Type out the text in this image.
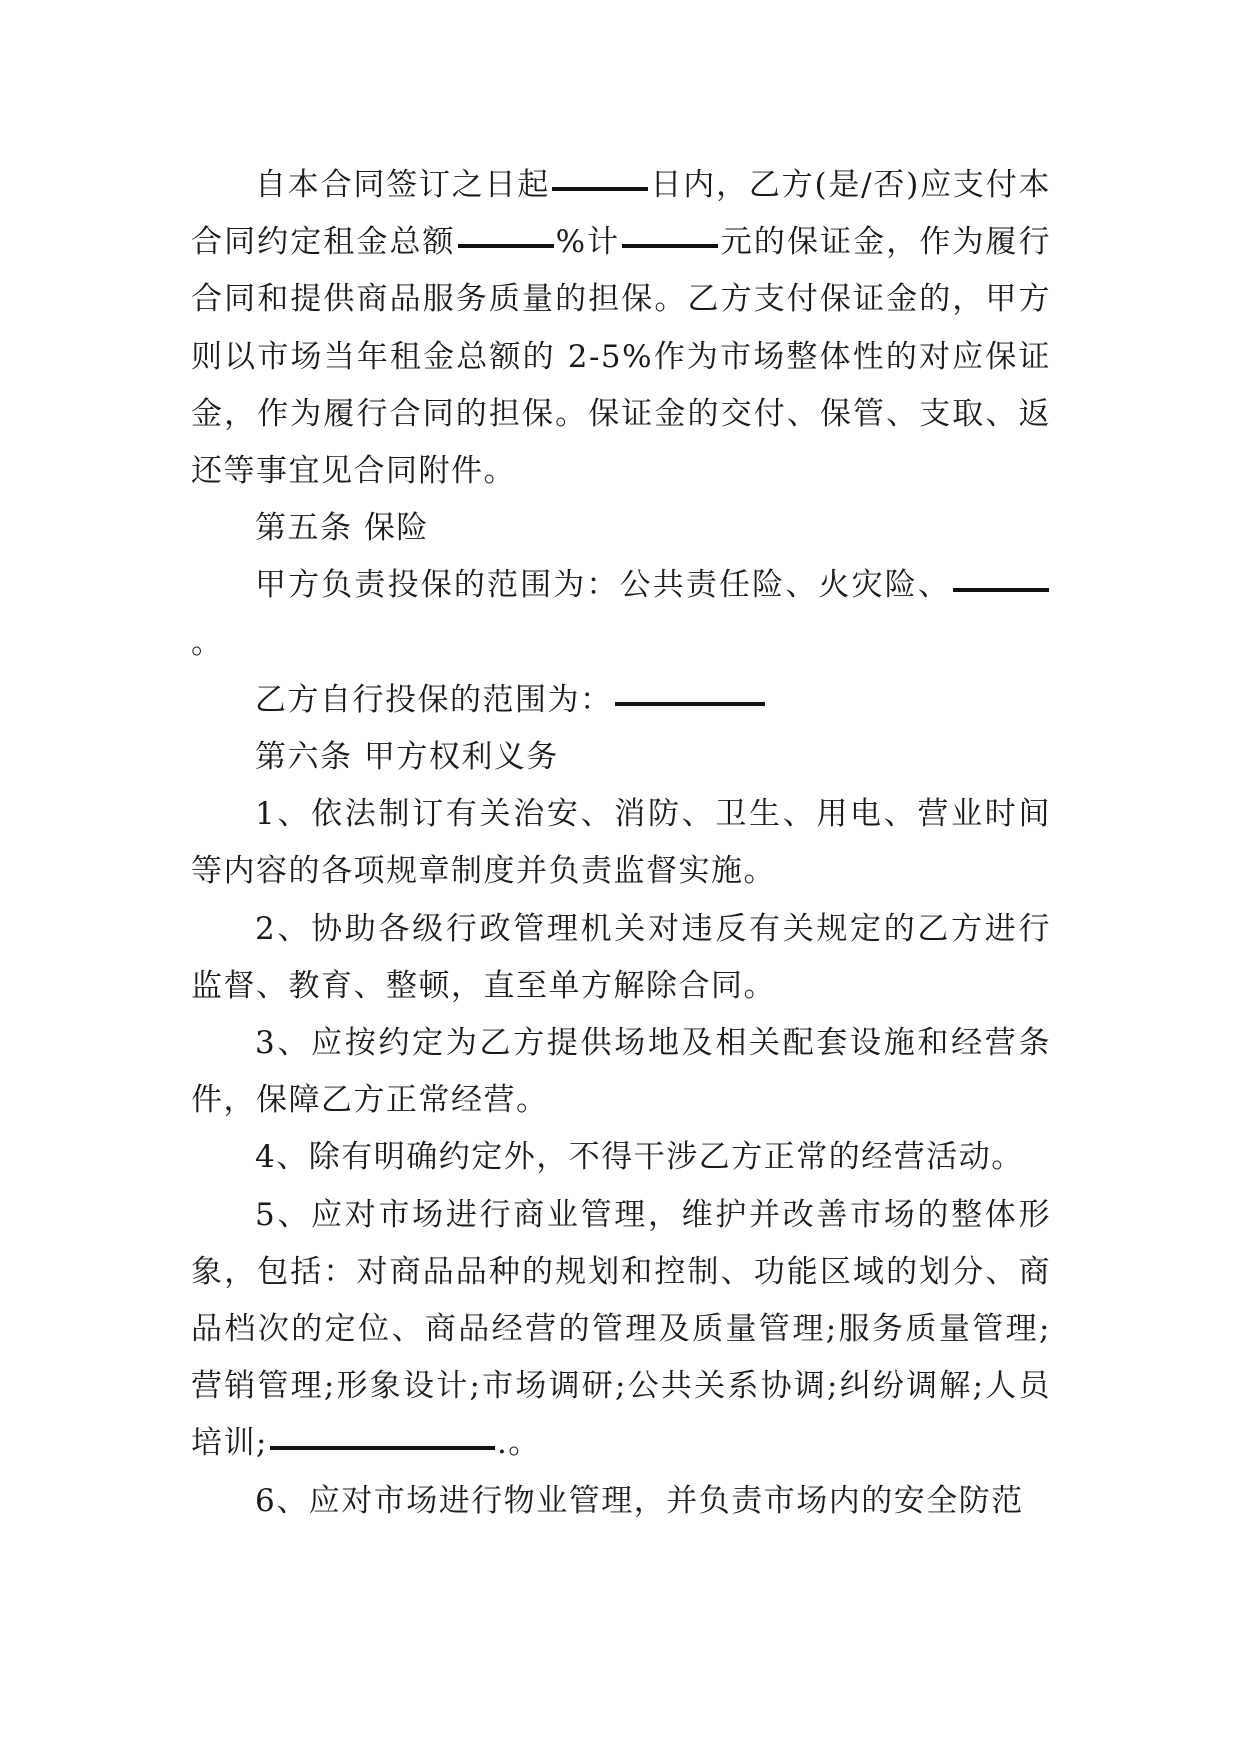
自本合同签订之日起	日内，乙方(是/否)应支付本合同约定租金总额	%计	元的保证金，作为履行合同和提供商品服务质量的担保。乙方支付保证金的，甲方则以市场当年租金总额的 2-5%作为市场整体性的对应保证金，作为履行合同的担保。保证金的交付、保管、支取、返还等事宜见合同附件。

第五条 保险

甲方负责投保的范围为：公共责任险、火灾险、。

乙方自行投保的范围为：

第六条 甲方权利义务

1、依法制订有关治安、消防、卫生、用电、营业时间等内容的各项规章制度并负责监督实施。

2、协助各级行政管理机关对违反有关规定的乙方进行监督、教育、整顿，直至单方解除合同。

3、应按约定为乙方提供场地及相关配套设施和经营条件，保障乙方正常经营。

4、除有明确约定外，不得干涉乙方正常的经营活动。

5、应对市场进行商业管理，维护并改善市场的整体形象，包括：对商品品种的规划和控制、功能区域的划分、商品档次的定位、商品经营的管理及质量管理;服务质量管理;营销管理;形象设计;市场调研;公共关系协调;纠纷调解;人员培训;	.。

6、应对市场进行物业管理，并负责市场内的安全防范
